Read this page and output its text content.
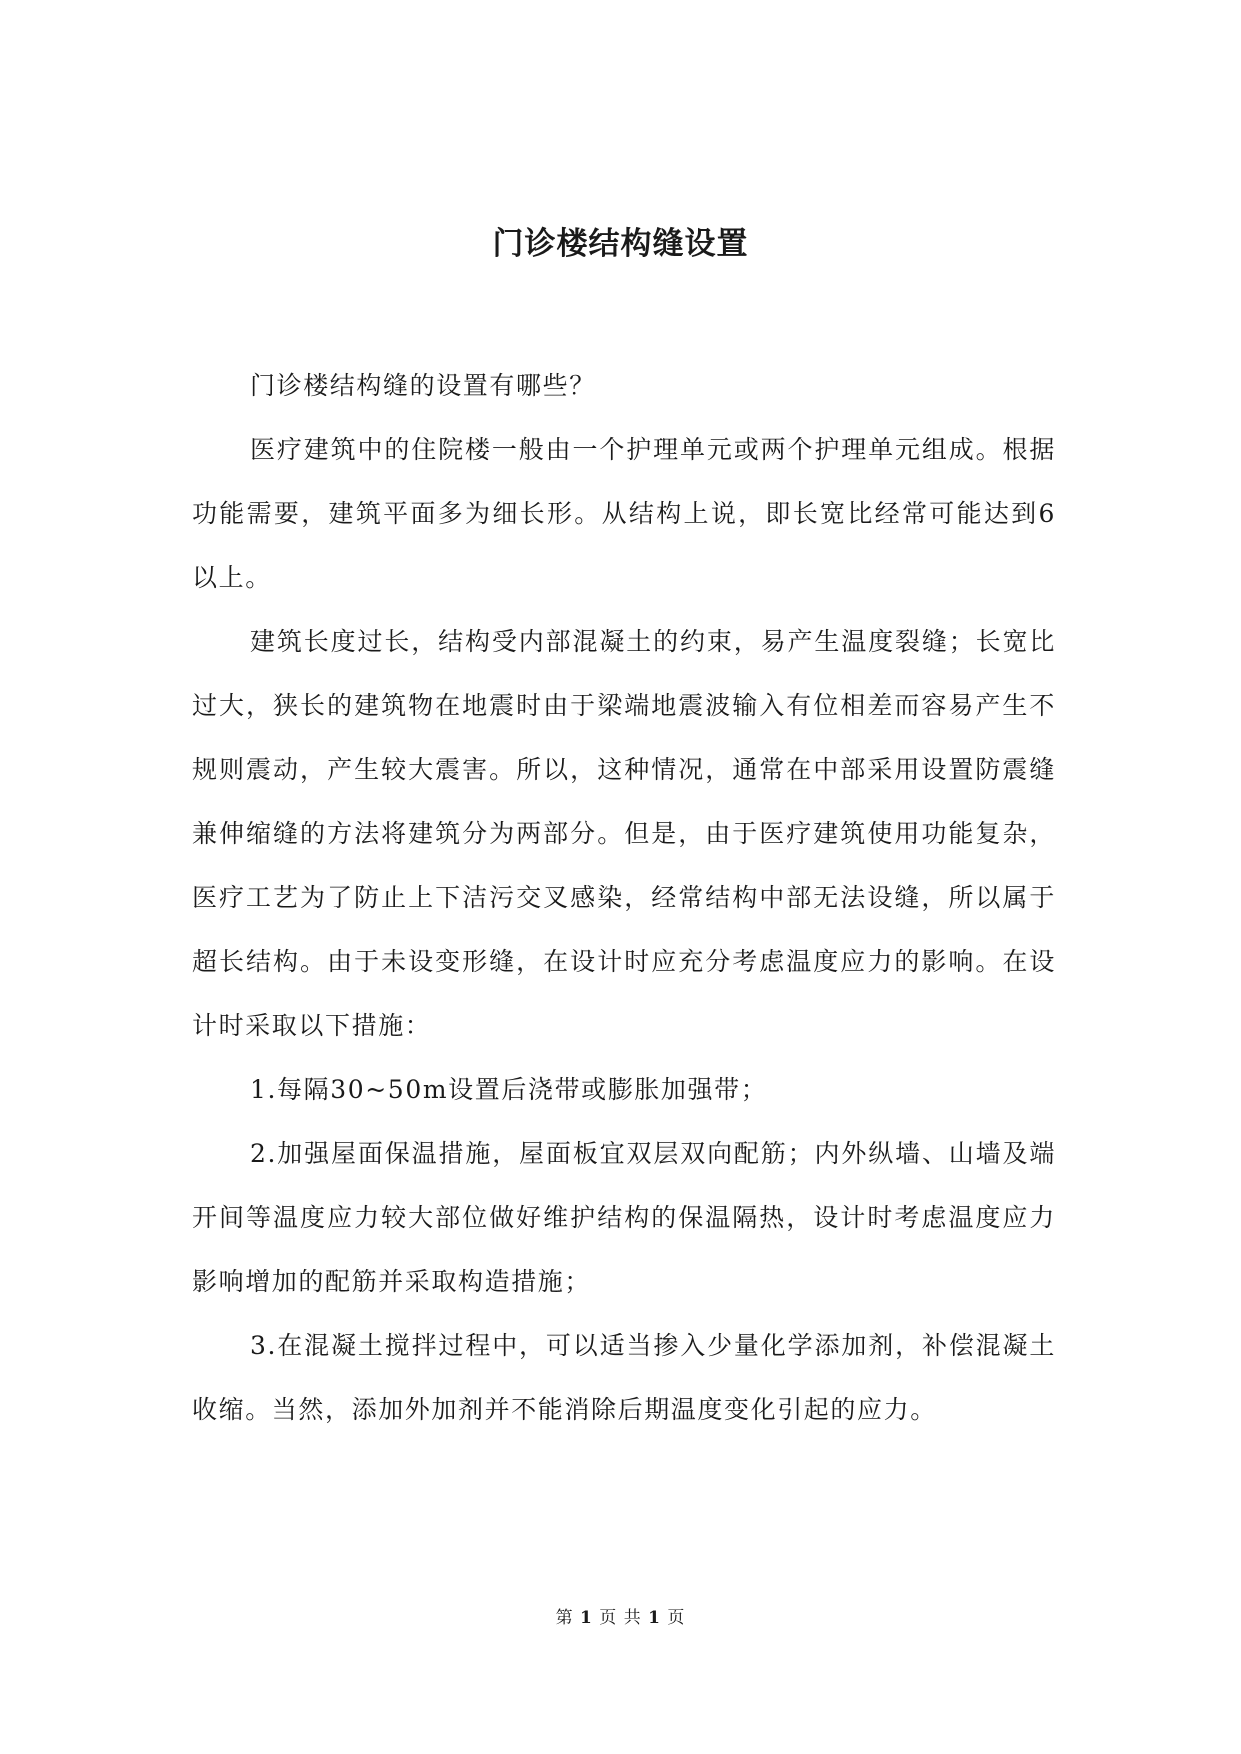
门诊楼结构缝设置

门诊楼结构缝的设置有哪些？

医疗建筑中的住院楼一般由一个护理单元或两个护理单元组成。根据功能需要，建筑平面多为细长形。从结构上说，即长宽比经常可能达到6以上。

建筑长度过长，结构受内部混凝土的约束，易产生温度裂缝；长宽比过大，狭长的建筑物在地震时由于梁端地震波输入有位相差而容易产生不规则震动，产生较大震害。所以，这种情况，通常在中部采用设置防震缝兼伸缩缝的方法将建筑分为两部分。但是，由于医疗建筑使用功能复杂，医疗工艺为了防止上下洁污交叉感染，经常结构中部无法设缝，所以属于超长结构。由于未设变形缝，在设计时应充分考虑温度应力的影响。在设计时采取以下措施：

1.每隔30~50m设置后浇带或膨胀加强带；

2.加强屋面保温措施，屋面板宜双层双向配筋；内外纵墙、山墙及端开间等温度应力较大部位做好维护结构的保温隔热，设计时考虑温度应力影响增加的配筋并采取构造措施；

3.在混凝土搅拌过程中，可以适当掺入少量化学添加剂，补偿混凝土收缩。当然，添加外加剂并不能消除后期温度变化引起的应力。

第 1 页 共 1 页
